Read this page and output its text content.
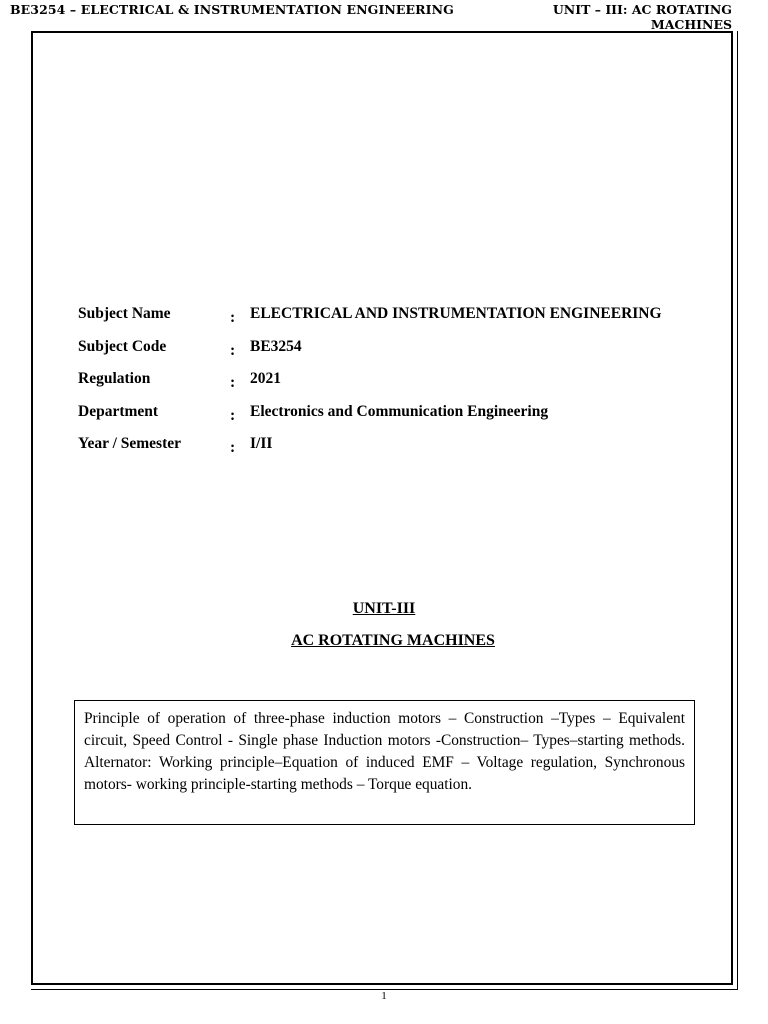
BE3254 – ELECTRICAL & INSTRUMENTATION ENGINEERING	UNIT – III: AC ROTATING
MACHINES
Subject Name	: ELECTRICAL AND INSTRUMENTATION ENGINEERING
Subject Code	: BE3254
Regulation	: 2021
Department	: Electronics and Communication Engineering
Year / Semester	: I/II
UNIT-III
AC ROTATING MACHINES
Principle of operation of three-phase induction motors – Construction –Types – Equivalent circuit, Speed Control - Single phase Induction motors -Construction– Types–starting methods. Alternator: Working principle–Equation of induced EMF – Voltage regulation, Synchronous motors- working principle-starting methods – Torque equation.
1
